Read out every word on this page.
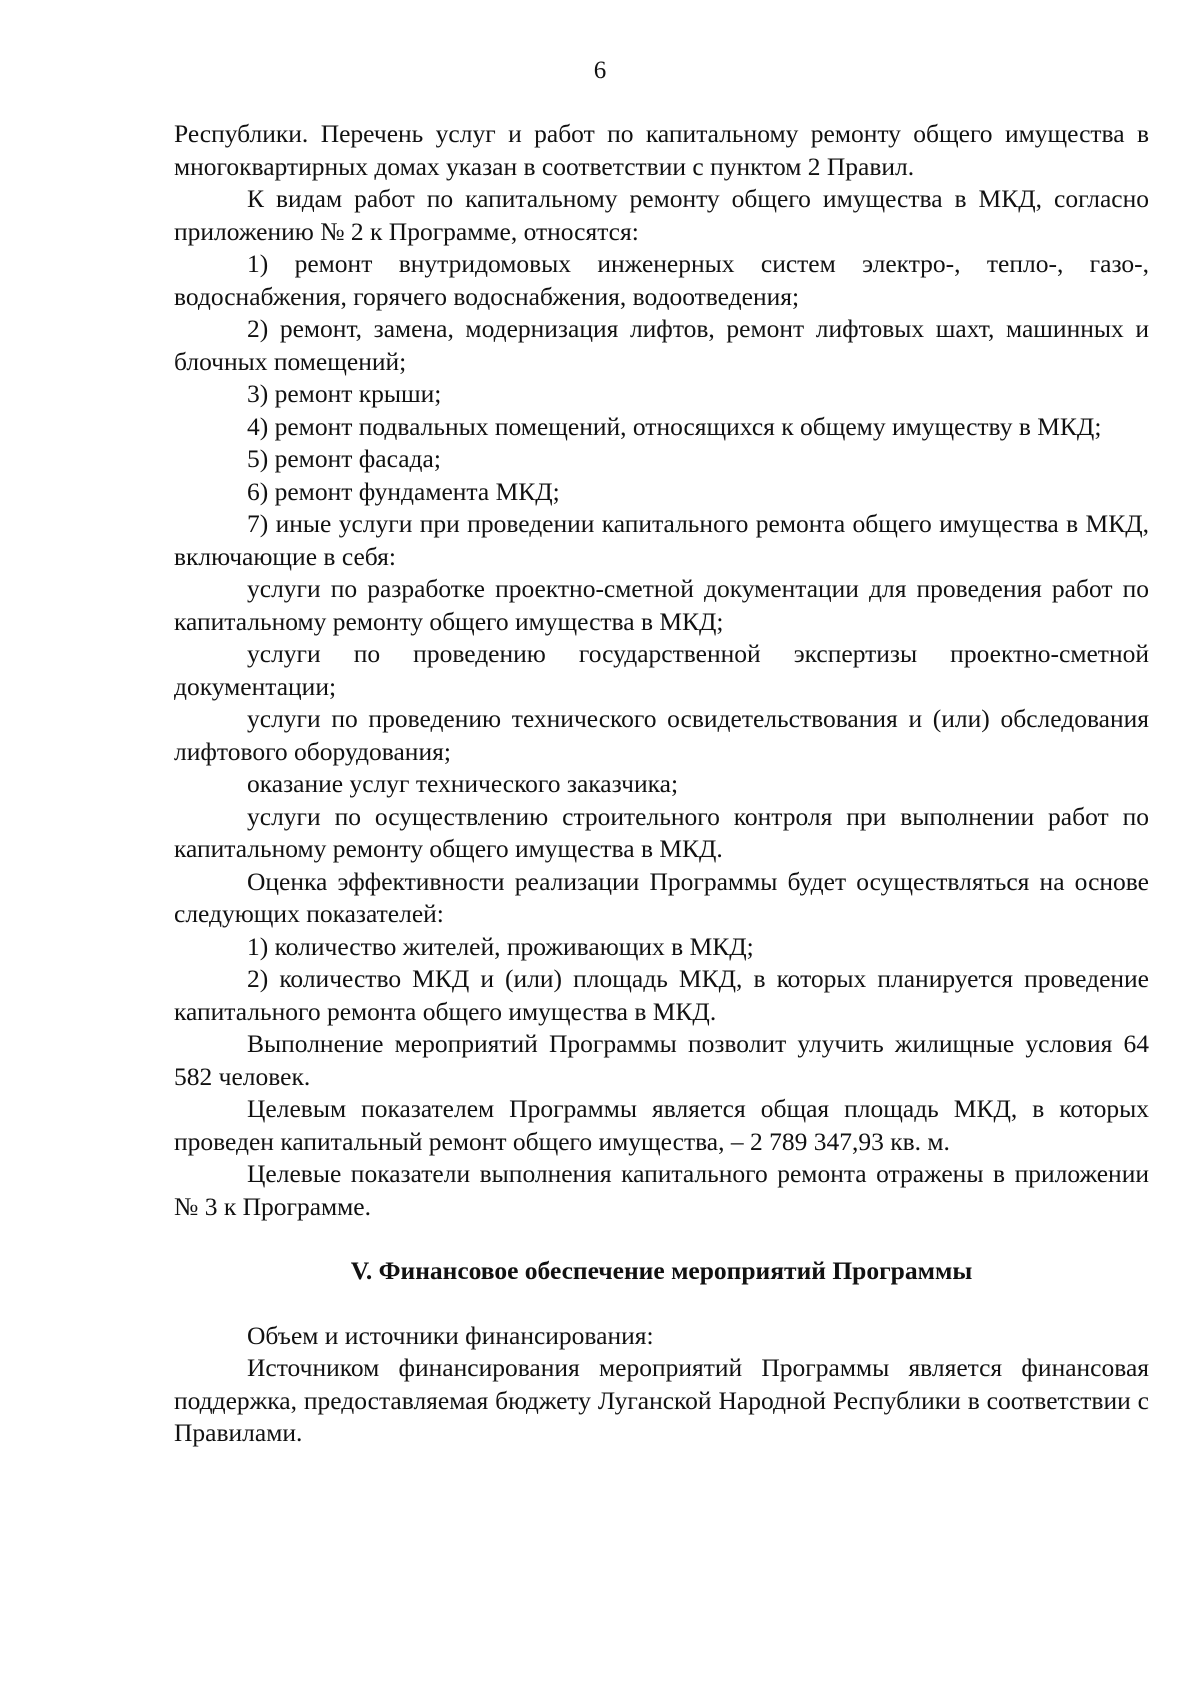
6

Республики. Перечень услуг и работ по капитальному ремонту общего имущества в многоквартирных домах указан в соответствии с пунктом 2 Правил.

К видам работ по капитальному ремонту общего имущества в МКД, согласно приложению № 2 к Программе, относятся:

1) ремонт внутридомовых инженерных систем электро-, тепло-, газо-, водоснабжения, горячего водоснабжения, водоотведения;

2) ремонт, замена, модернизация лифтов, ремонт лифтовых шахт, машинных и блочных помещений;

3) ремонт крыши;

4) ремонт подвальных помещений, относящихся к общему имуществу в МКД;

5) ремонт фасада;

6) ремонт фундамента МКД;

7) иные услуги при проведении капитального ремонта общего имущества в МКД, включающие в себя:

услуги по разработке проектно-сметной документации для проведения работ по капитальному ремонту общего имущества в МКД;

услуги по проведению государственной экспертизы проектно-сметной документации;

услуги по проведению технического освидетельствования и (или) обследования лифтового оборудования;

оказание услуг технического заказчика;

услуги по осуществлению строительного контроля при выполнении работ по капитальному ремонту общего имущества в МКД.

Оценка эффективности реализации Программы будет осуществляться на основе следующих показателей:

1) количество жителей, проживающих в МКД;

2) количество МКД и (или) площадь МКД, в которых планируется проведение капитального ремонта общего имущества в МКД.

Выполнение мероприятий Программы позволит улучить жилищные условия 64 582 человек.

Целевым показателем Программы является общая площадь МКД, в которых проведен капитальный ремонт общего имущества, – 2 789 347,93 кв. м.

Целевые показатели выполнения капитального ремонта отражены в приложении № 3 к Программе.

V. Финансовое обеспечение мероприятий Программы

Объем и источники финансирования:

Источником финансирования мероприятий Программы является финансовая поддержка, предоставляемая бюджету Луганской Народной Республики в соответствии с Правилами.
